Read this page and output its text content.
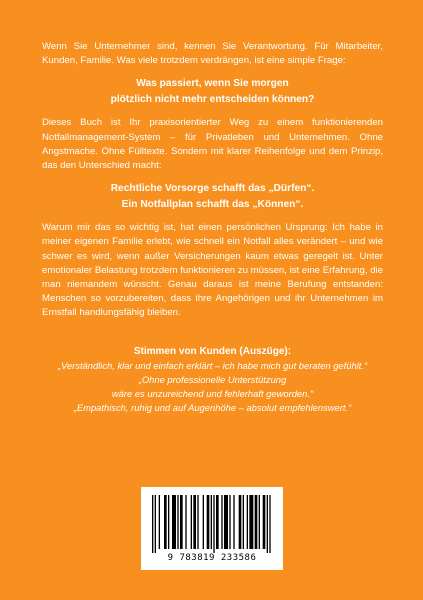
Wenn Sie Unternehmer sind, kennen Sie Verantwortung. Für Mitarbeiter, Kunden, Familie. Was viele trotzdem verdrängen, ist eine simple Frage:

Was passiert, wenn Sie morgen
plötzlich nicht mehr entscheiden können?

Dieses Buch ist Ihr praxisorientierter Weg zu einem funktionierenden Notfallmanagement-System – für Privatleben und Unternehmen. Ohne Angstmache. Ohne Fülltexte. Sondern mit klarer Reihenfolge und dem Prinzip, das den Unterschied macht:

Rechtliche Vorsorge schafft das „Dürfen“.
Ein Notfallplan schafft das „Können“.

Warum mir das so wichtig ist, hat einen persönlichen Ursprung: Ich habe in meiner eigenen Familie erlebt, wie schnell ein Notfall alles verändert – und wie schwer es wird, wenn außer Versicherungen kaum etwas geregelt ist. Unter emotionaler Belastung trotzdem funktionieren zu müssen, ist eine Erfahrung, die man niemandem wünscht. Genau daraus ist meine Berufung entstanden: Menschen so vorzubereiten, dass ihre Angehörigen und ihr Unternehmen im Ernstfall handlungsfähig bleiben.

Stimmen von Kunden (Auszüge):
„Verständlich, klar und einfach erklärt – ich habe mich gut beraten gefühlt.“
„Ohne professionelle Unterstützung
wäre es unzureichend und fehlerhaft geworden.“
„Empathisch, ruhig und auf Augenhöhe – absolut empfehlenswert.“
9 783819 233586
